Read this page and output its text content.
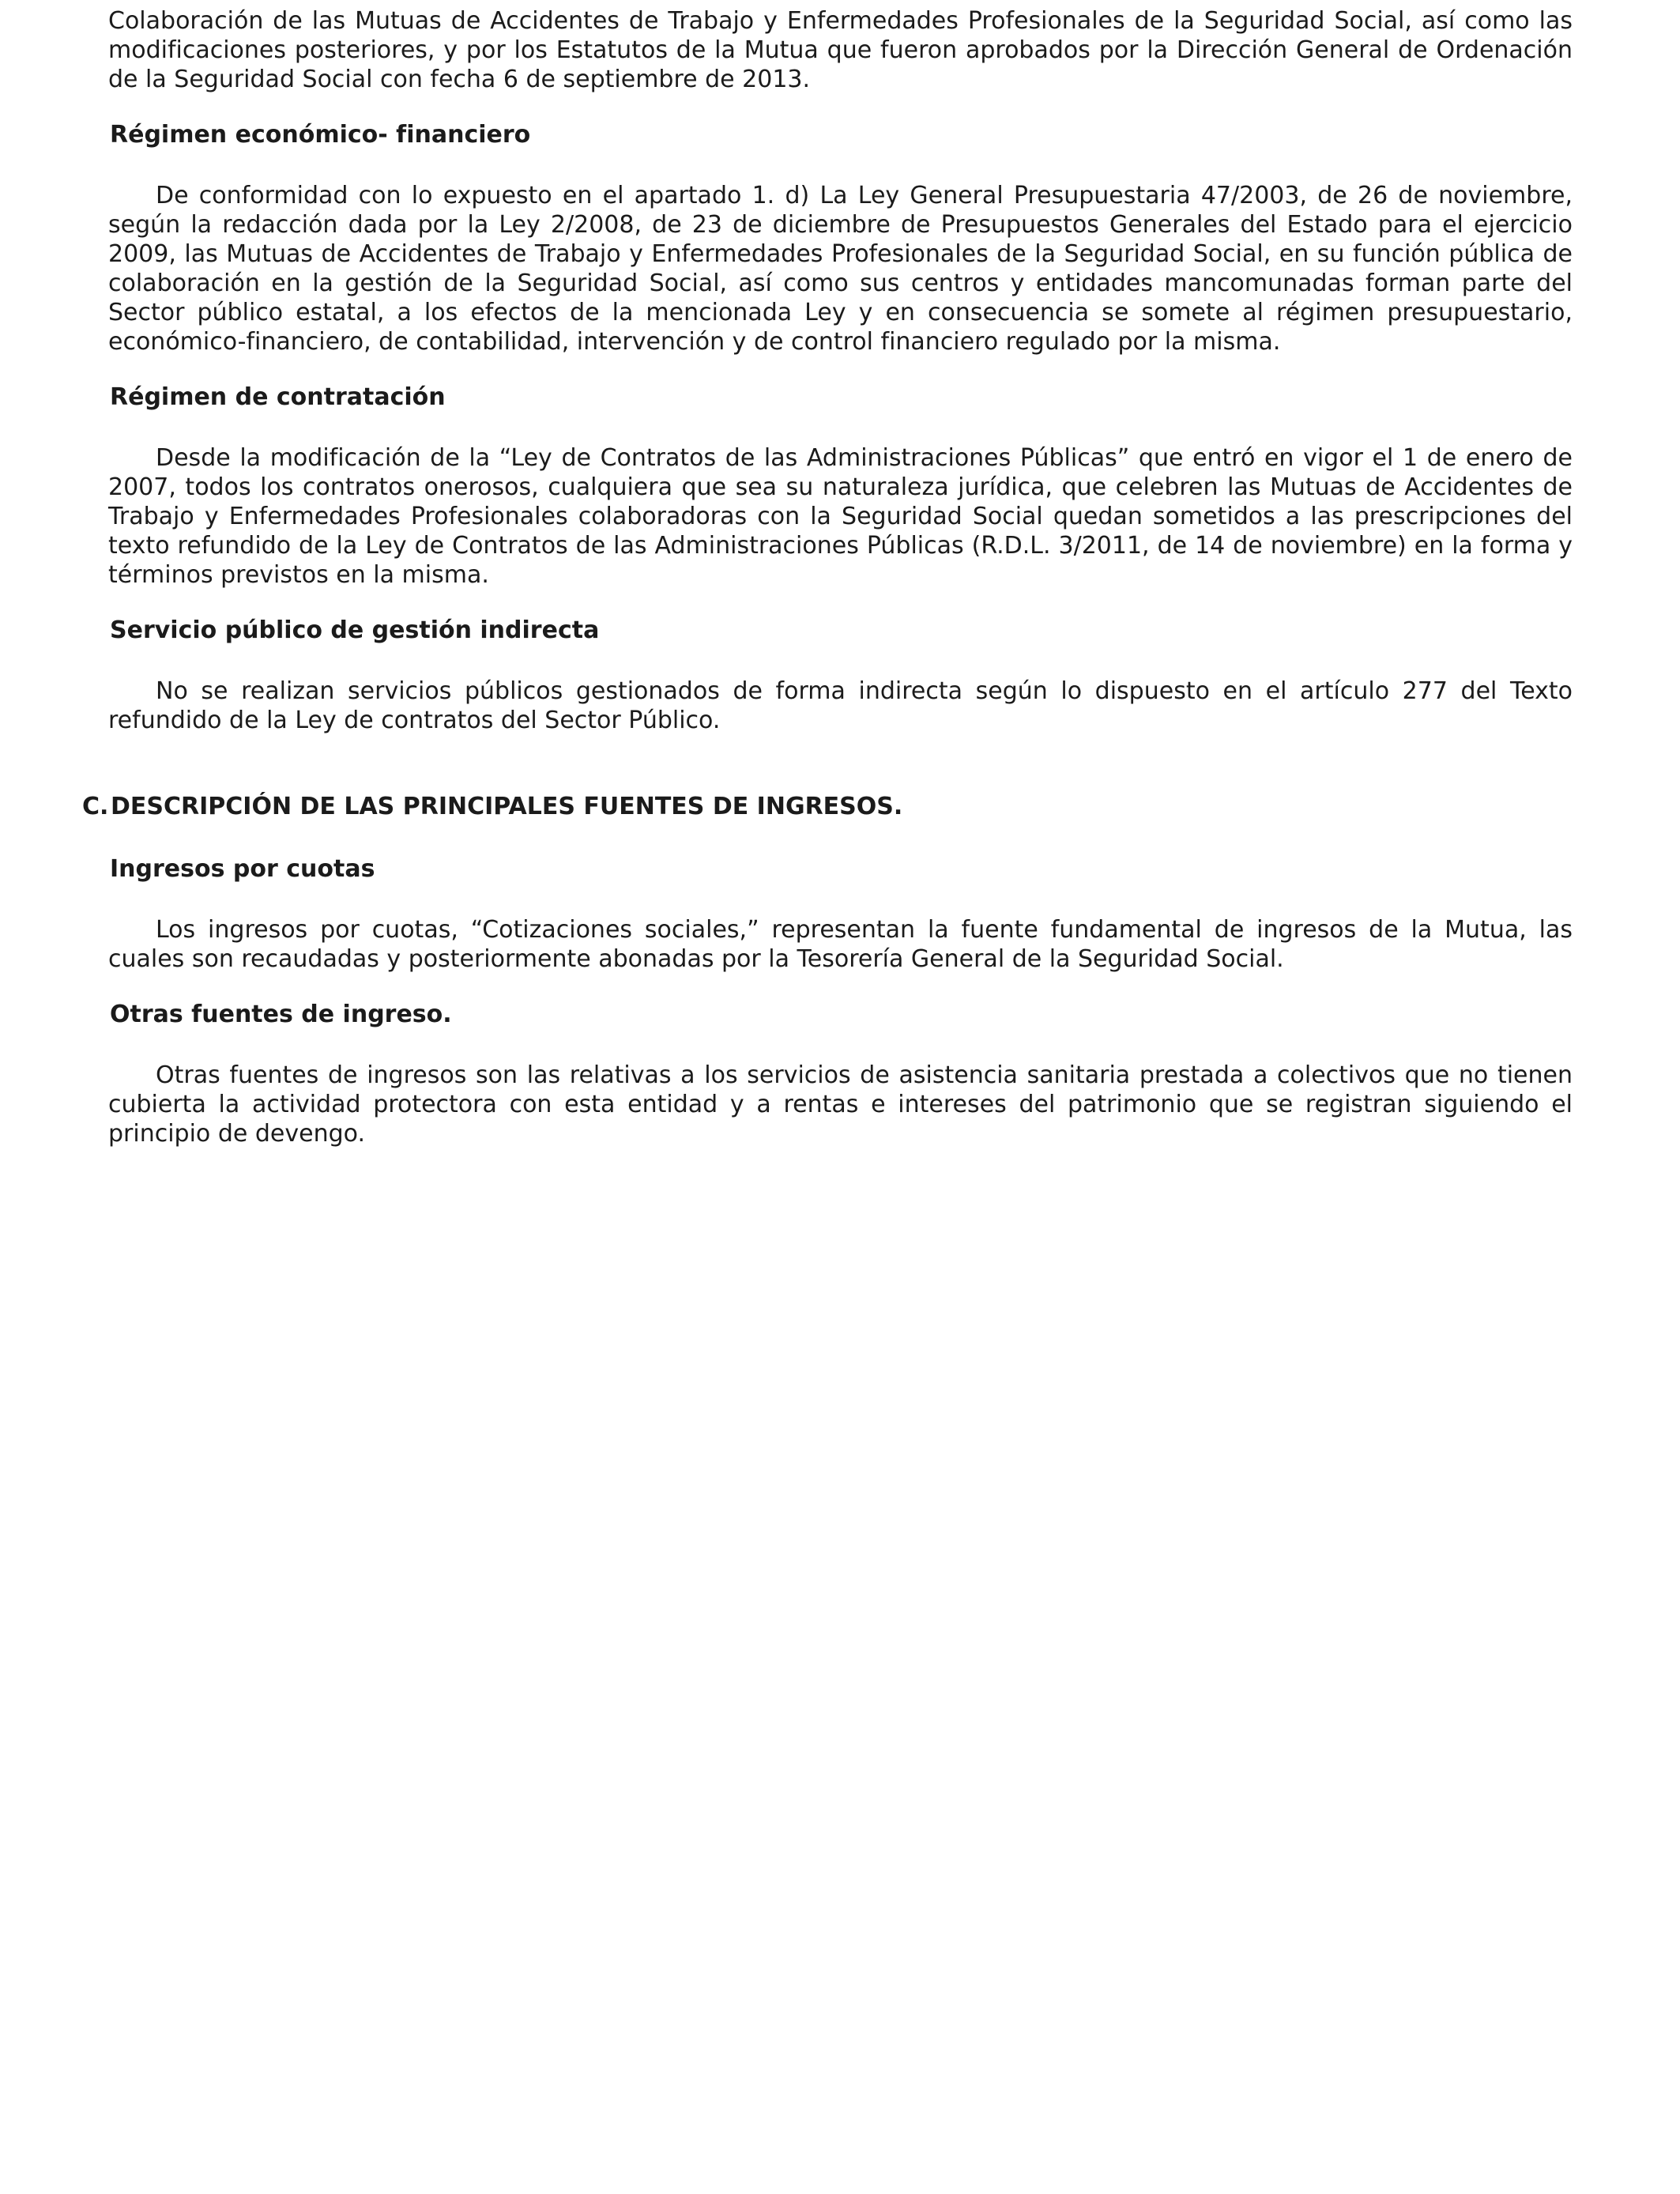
Colaboración de las Mutuas de Accidentes de Trabajo y Enfermedades Profesionales de la Seguridad Social, así como las modificaciones posteriores, y por los Estatutos de la Mutua que fueron aprobados por la Dirección General de Ordenación de la Seguridad Social con fecha 6 de septiembre de 2013.

Régimen económico- financiero

De conformidad con lo expuesto en el apartado 1. d) La Ley General Presupuestaria 47/2003, de 26 de noviembre, según la redacción dada por la Ley 2/2008, de 23 de diciembre de Presupuestos Generales del Estado para el ejercicio 2009, las Mutuas de Accidentes de Trabajo y Enfermedades Profesionales de la Seguridad Social, en su función pública de colaboración en la gestión de la Seguridad Social, así como sus centros y entidades mancomunadas forman parte del Sector público estatal, a los efectos de la mencionada Ley y en consecuencia se somete al régimen presupuestario, económico-financiero, de contabilidad, intervención y de control financiero regulado por la misma.

Régimen de contratación

Desde la modificación de la “Ley de Contratos de las Administraciones Públicas” que entró en vigor el 1 de enero de 2007, todos los contratos onerosos, cualquiera que sea su naturaleza jurídica, que celebren las Mutuas de Accidentes de Trabajo y Enfermedades Profesionales colaboradoras con la Seguridad Social quedan sometidos a las prescripciones del texto refundido de la Ley de Contratos de las Administraciones Públicas (R.D.L. 3/2011, de 14 de noviembre) en la forma y términos previstos en la misma.

Servicio público de gestión indirecta

No se realizan servicios públicos gestionados de forma indirecta según lo dispuesto en el artículo 277 del Texto refundido de la Ley de contratos del Sector Público.

C. DESCRIPCIÓN DE LAS PRINCIPALES FUENTES DE INGRESOS.
Ingresos por cuotas

Los ingresos por cuotas, “Cotizaciones sociales,” representan la fuente fundamental de ingresos de la Mutua, las cuales son recaudadas y posteriormente abonadas por la Tesorería General de la Seguridad Social.

Otras fuentes de ingreso.

Otras fuentes de ingresos son las relativas a los servicios de asistencia sanitaria prestada a colectivos que no tienen cubierta la actividad protectora con esta entidad y a rentas e intereses del patrimonio que se registran siguiendo el principio de devengo.
